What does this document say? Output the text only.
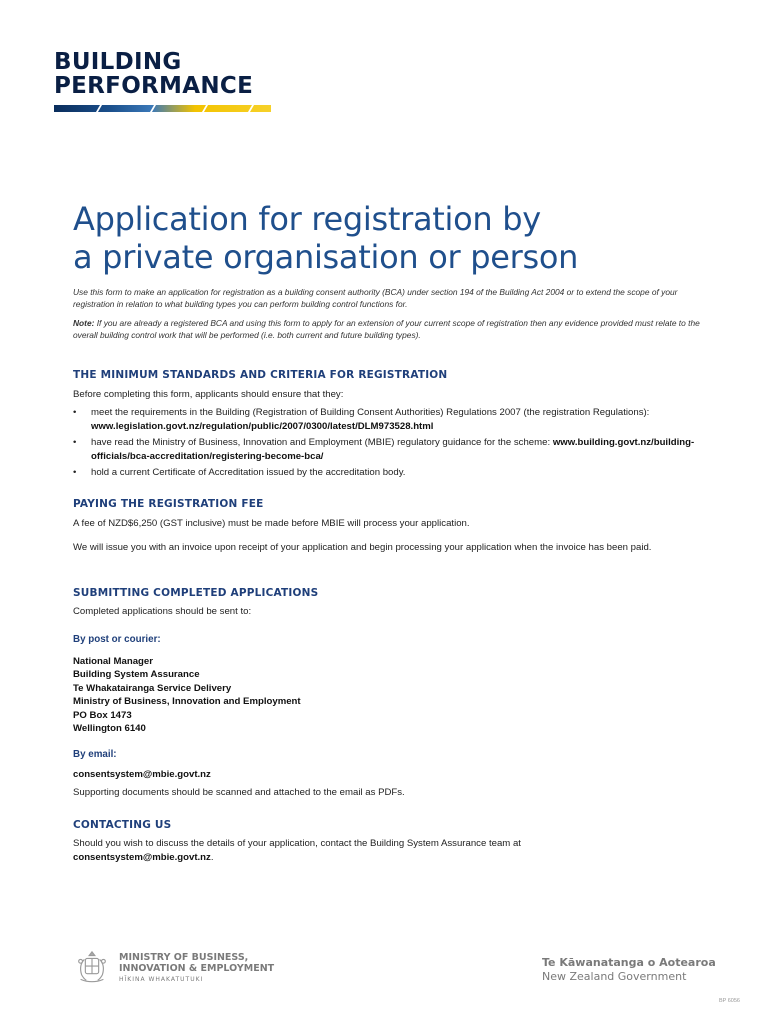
BUILDING
PERFORMANCE
Application for registration by
a private organisation or person
Use this form to make an application for registration as a building consent authority (BCA) under section 194 of the Building Act 2004 or to extend the scope of your registration in relation to what building types you can perform building control functions for.
Note: If you are already a registered BCA and using this form to apply for an extension of your current scope of registration then any evidence provided must relate to the overall building control work that will be performed (i.e. both current and future building types).
THE MINIMUM STANDARDS AND CRITERIA FOR REGISTRATION
Before completing this form, applicants should ensure that they:
• meet the requirements in the Building (Registration of Building Consent Authorities) Regulations 2007 (the registration Regulations): www.legislation.govt.nz/regulation/public/2007/0300/latest/DLM973528.html
• have read the Ministry of Business, Innovation and Employment (MBIE) regulatory guidance for the scheme: www.building.govt.nz/building-officials/bca-accreditation/registering-become-bca/
• hold a current Certificate of Accreditation issued by the accreditation body.
PAYING THE REGISTRATION FEE
A fee of NZD$6,250 (GST inclusive) must be made before MBIE will process your application.
We will issue you with an invoice upon receipt of your application and begin processing your application when the invoice has been paid.
SUBMITTING COMPLETED APPLICATIONS
Completed applications should be sent to:
By post or courier:
National Manager
Building System Assurance
Te Whakatairanga Service Delivery
Ministry of Business, Innovation and Employment
PO Box 1473
Wellington 6140
By email:
consentsystem@mbie.govt.nz
Supporting documents should be scanned and attached to the email as PDFs.
CONTACTING US
Should you wish to discuss the details of your application, contact the Building System Assurance team at
consentsystem@mbie.govt.nz.
MINISTRY OF BUSINESS,
INNOVATION & EMPLOYMENT
HĪKINA WHAKATUTUKI
Te Kāwanatanga o Aotearoa
New Zealand Government
BP 6056
